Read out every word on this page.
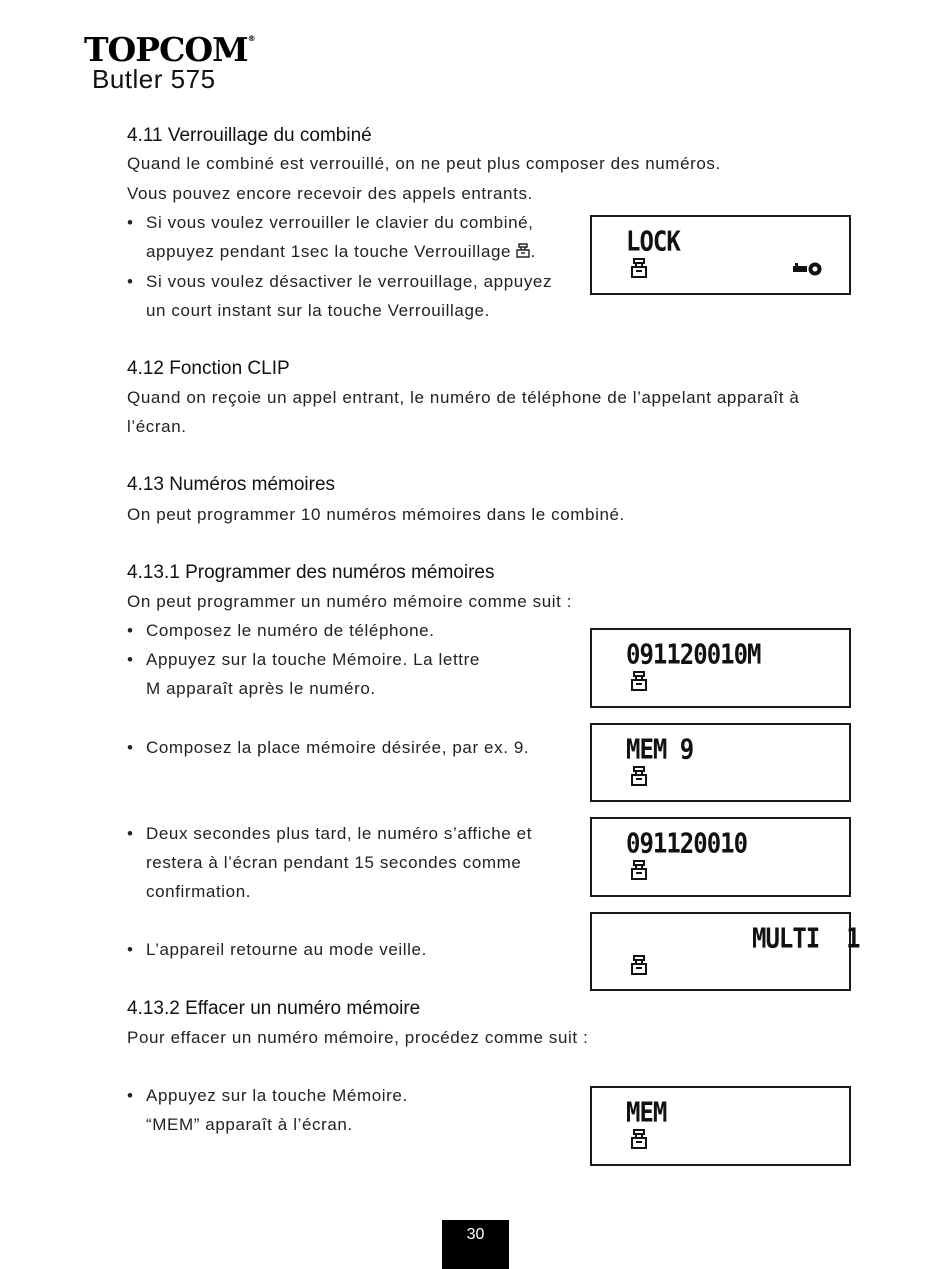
TOPCOM®
Butler 575
4.11 Verrouillage du combiné
Quand le combiné est verrouillé, on ne peut plus composer des numéros.
Vous pouvez encore recevoir des appels entrants.
• Si vous voulez verrouiller le clavier du combiné,
appuyez pendant 1sec la touche Verrouillage .
• Si vous voulez désactiver le verrouillage, appuyez
un court instant sur la touche Verrouillage.
LOCK
4.12 Fonction CLIP
Quand on reçoie un appel entrant, le numéro de téléphone de l’appelant apparaît à
l’écran.
4.13 Numéros mémoires
On peut programmer 10 numéros mémoires dans le combiné.
4.13.1 Programmer des numéros mémoires
On peut programmer un numéro mémoire comme suit :
• Composez le numéro de téléphone.
• Appuyez sur la touche Mémoire. La lettre
M apparaît après le numéro.
• Composez la place mémoire désirée, par ex. 9.
• Deux secondes plus tard, le numéro s’affiche et
restera à l’écran pendant 15 secondes comme
confirmation.
• L’appareil retourne au mode veille.
091120010M
MEM 9
091120010
MULTI  1
4.13.2 Effacer un numéro mémoire
Pour effacer un numéro mémoire, procédez comme suit :
• Appuyez sur la touche Mémoire.
“MEM” apparaît à l’écran.	MEM
30
